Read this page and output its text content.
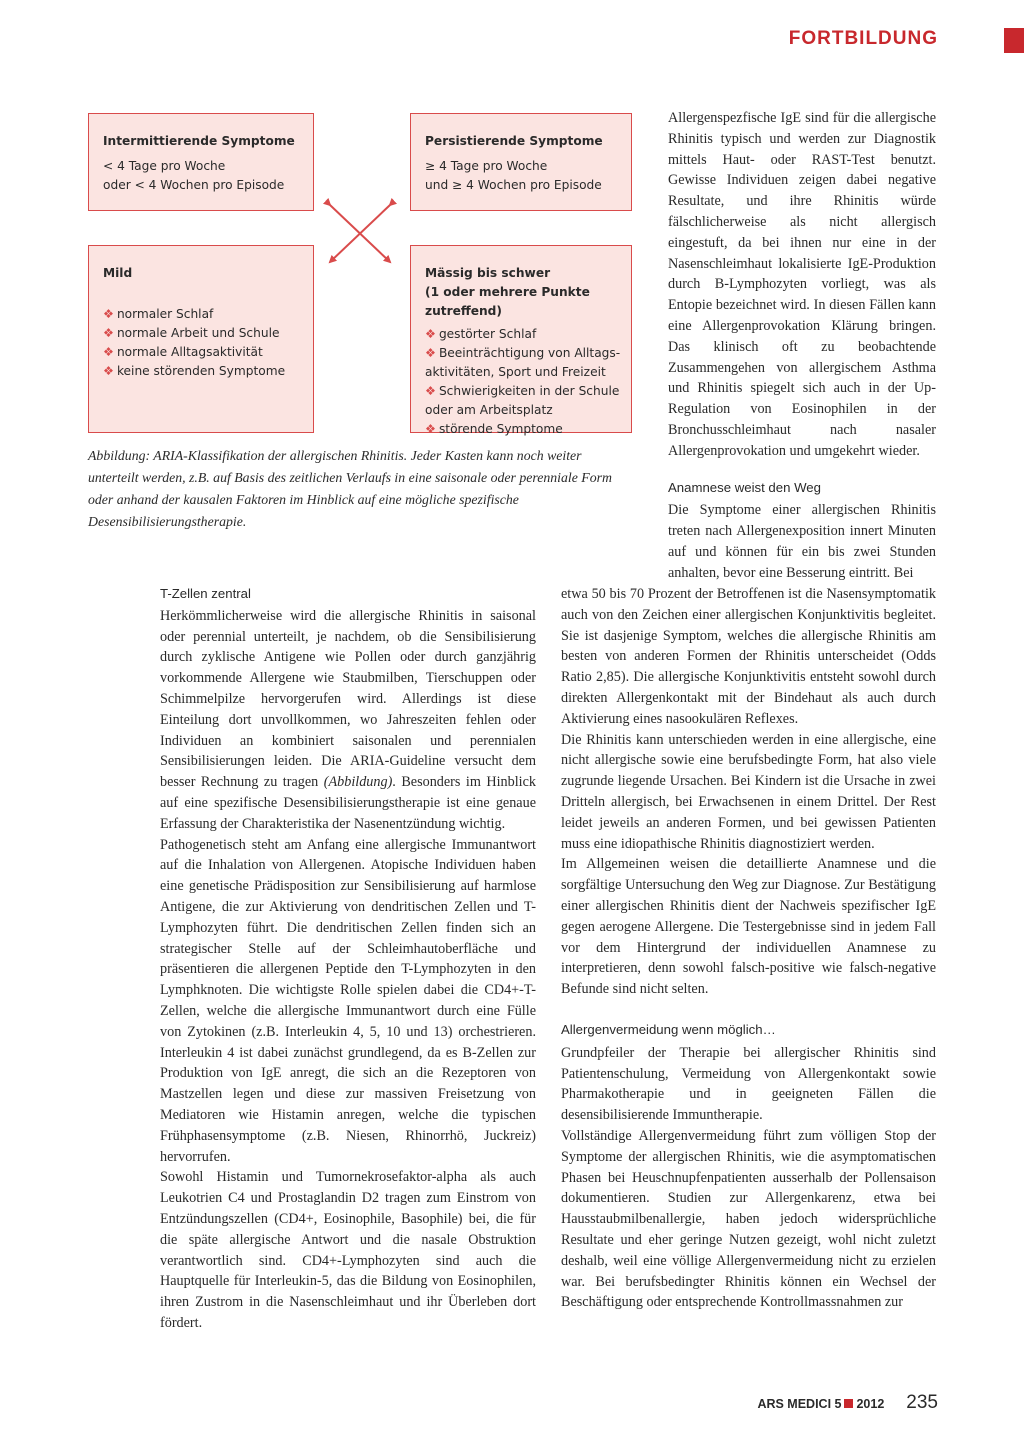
FORTBILDUNG

Intermittierende Symptome

< 4 Tage pro Woche

oder < 4 Wochen pro Episode

Persistierende Symptome

≥ 4 Tage pro Woche

und ≥ 4 Wochen pro Episode

Mild

❖ normaler Schlaf

❖ normale Arbeit und Schule

❖ normale Alltagsaktivität

❖ keine störenden Symptome

Mässig bis schwer

(1 oder mehrere Punkte zutreffend)

❖ gestörter Schlaf

❖ Beeinträchtigung von Alltags-

aktivitäten, Sport und Freizeit

❖ Schwierigkeiten in der Schule

oder am Arbeitsplatz

❖ störende Symptome

Abbildung: ARIA-Klassifikation der allergischen Rhinitis. Jeder Kasten kann noch weiter unterteilt werden, z.B. auf Basis des zeitlichen Verlaufs in eine saisonale oder perenniale Form oder anhand der kausalen Faktoren im Hinblick auf eine mögliche spezifische Desensibilisierungstherapie.

Allergenspezfische IgE sind für die allergische Rhinitis typisch und werden zur Diagnostik mittels Haut- oder RAST-Test benutzt. Gewisse Individuen zeigen dabei negative Resultate, und ihre Rhinitis würde fälschlicherweise als nicht allergisch eingestuft, da bei ihnen nur eine in der Nasenschleimhaut lokalisierte IgE-Produktion durch B-Lymphozyten vorliegt, was als Entopie bezeichnet wird. In diesen Fällen kann eine Allergenprovokation Klärung bringen. Das klinisch oft zu beobachtende Zusammengehen von allergischem Asthma und Rhinitis spiegelt sich auch in der Up-Regulation von Eosinophilen in der Bronchusschleimhaut nach nasaler Allergenprovokation und umgekehrt wieder.

Anamnese weist den Weg

Die Symptome einer allergischen Rhinitis treten nach Allergenexposition innert Minuten auf und können für ein bis zwei Stunden anhalten, bevor eine Besserung eintritt. Bei

T-Zellen zentral

Herkömmlicherweise wird die allergische Rhinitis in saisonal oder perennial unterteilt, je nachdem, ob die Sensibilisierung durch zyklische Antigene wie Pollen oder durch ganzjährig vorkommende Allergene wie Staubmilben, Tierschuppen oder Schimmelpilze hervorgerufen wird. Allerdings ist diese Einteilung dort unvollkommen, wo Jahreszeiten fehlen oder Individuen an kombiniert saisonalen und perennialen Sensibilisierungen leiden. Die ARIA-Guideline versucht dem besser Rechnung zu tragen (Abbildung). Besonders im Hinblick auf eine spezifische Desensibilisierungstherapie ist eine genaue Erfassung der Charakteristika der Nasenentzündung wichtig.

Pathogenetisch steht am Anfang eine allergische Immunantwort auf die Inhalation von Allergenen. Atopische Individuen haben eine genetische Prädisposition zur Sensibilisierung auf harmlose Antigene, die zur Aktivierung von dendritischen Zellen und T-Lymphozyten führt. Die dendritischen Zellen finden sich an strategischer Stelle auf der Schleimhautoberfläche und präsentieren die allergenen Peptide den T-Lymphozyten in den Lymphknoten. Die wichtigste Rolle spielen dabei die CD4+-T-Zellen, welche die allergische Immunantwort durch eine Fülle von Zytokinen (z.B. Interleukin 4, 5, 10 und 13) orchestrieren. Interleukin 4 ist dabei zunächst grundlegend, da es B-Zellen zur Produktion von IgE anregt, die sich an die Rezeptoren von Mastzellen legen und diese zur massiven Freisetzung von Mediatoren wie Histamin anregen, welche die typischen Frühphasensymptome (z.B. Niesen, Rhinorrhö, Juckreiz) hervorrufen.

Sowohl Histamin und Tumornekrosefaktor-alpha als auch Leukotrien C4 und Prostaglandin D2 tragen zum Einstrom von Entzündungszellen (CD4+, Eosinophile, Basophile) bei, die für die späte allergische Antwort und die nasale Obstruktion verantwortlich sind. CD4+-Lymphozyten sind auch die Hauptquelle für Interleukin-5, das die Bildung von Eosinophilen, ihren Zustrom in die Nasenschleimhaut und ihr Überleben dort fördert.

etwa 50 bis 70 Prozent der Betroffenen ist die Nasensymptomatik auch von den Zeichen einer allergischen Konjunktivitis begleitet. Sie ist dasjenige Symptom, welches die allergische Rhinitis am besten von anderen Formen der Rhinitis unterscheidet (Odds Ratio 2,85). Die allergische Konjunktivitis entsteht sowohl durch direkten Allergenkontakt mit der Bindehaut als auch durch Aktivierung eines nasookulären Reflexes.

Die Rhinitis kann unterschieden werden in eine allergische, eine nicht allergische sowie eine berufsbedingte Form, hat also viele zugrunde liegende Ursachen. Bei Kindern ist die Ursache in zwei Dritteln allergisch, bei Erwachsenen in einem Drittel. Der Rest leidet jeweils an anderen Formen, und bei gewissen Patienten muss eine idiopathische Rhinitis diagnostiziert werden.

Im Allgemeinen weisen die detaillierte Anamnese und die sorgfältige Untersuchung den Weg zur Diagnose. Zur Bestätigung einer allergischen Rhinitis dient der Nachweis spezifischer IgE gegen aerogene Allergene. Die Testergebnisse sind in jedem Fall vor dem Hintergrund der individuellen Anamnese zu interpretieren, denn sowohl falsch-positive wie falsch-negative Befunde sind nicht selten.

Allergenvermeidung wenn möglich…

Grundpfeiler der Therapie bei allergischer Rhinitis sind Patientenschulung, Vermeidung von Allergenkontakt sowie Pharmakotherapie und in geeigneten Fällen die desensibilisierende Immuntherapie.

Vollständige Allergenvermeidung führt zum völligen Stop der Symptome der allergischen Rhinitis, wie die asymptomatischen Phasen bei Heuschnupfenpatienten ausserhalb der Pollensaison dokumentieren. Studien zur Allergenkarenz, etwa bei Hausstaubmilbenallergie, haben jedoch widersprüchliche Resultate und eher geringe Nutzen gezeigt, wohl nicht zuletzt deshalb, weil eine völlige Allergenvermeidung nicht zu erzielen war. Bei berufsbedingter Rhinitis können ein Wechsel der Beschäftigung oder entsprechende Kontrollmassnahmen zur

ARS MEDICI 5 2012 235
